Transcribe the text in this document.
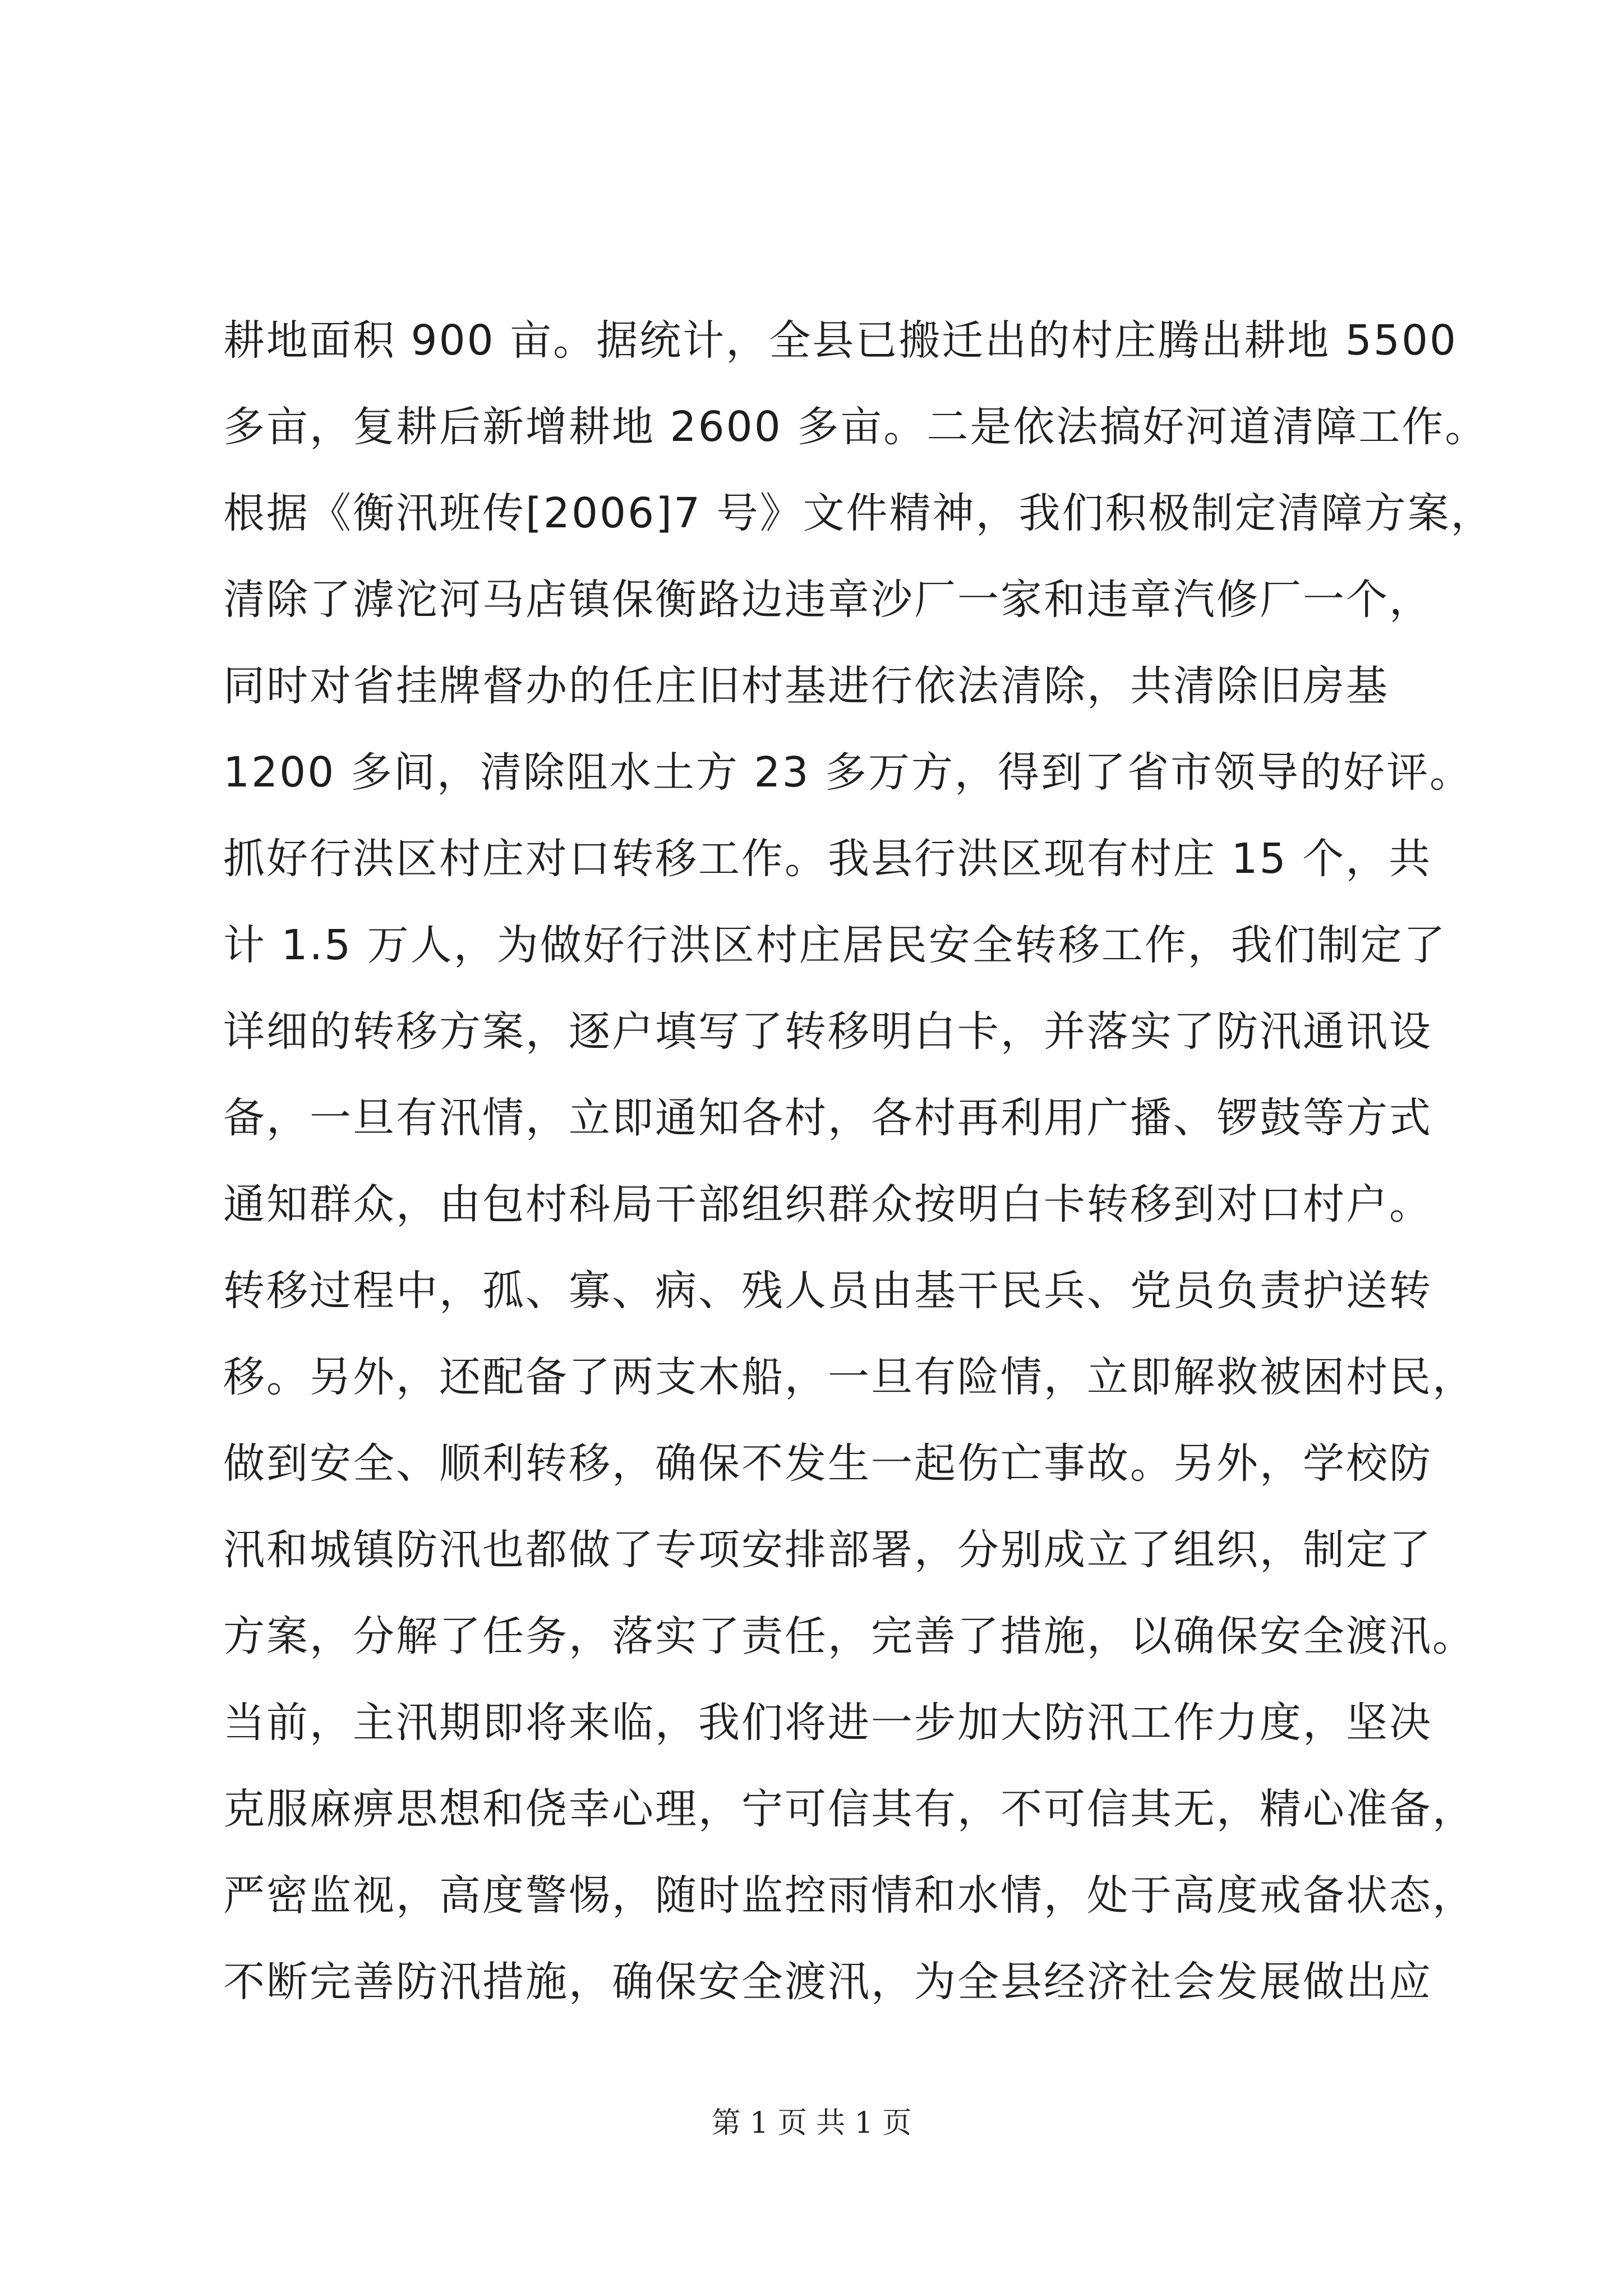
耕地面积 900 亩。据统计，全县已搬迁出的村庄腾出耕地 5500
多亩，复耕后新增耕地 2600 多亩。二是依法搞好河道清障工作。
根据《衡汛班传[2006]7 号》文件精神，我们积极制定清障方案，
清除了滹沱河马店镇保衡路边违章沙厂一家和违章汽修厂一个，
同时对省挂牌督办的任庄旧村基进行依法清除，共清除旧房基
1200 多间，清除阻水土方 23 多万方，得到了省市领导的好评。
抓好行洪区村庄对口转移工作。我县行洪区现有村庄 15 个，共
计 1.5 万人，为做好行洪区村庄居民安全转移工作，我们制定了
详细的转移方案，逐户填写了转移明白卡，并落实了防汛通讯设
备，一旦有汛情，立即通知各村，各村再利用广播、锣鼓等方式
通知群众，由包村科局干部组织群众按明白卡转移到对口村户。
转移过程中，孤、寡、病、残人员由基干民兵、党员负责护送转
移。另外，还配备了两支木船，一旦有险情，立即解救被困村民，
做到安全、顺利转移，确保不发生一起伤亡事故。另外，学校防
汛和城镇防汛也都做了专项安排部署，分别成立了组织，制定了
方案，分解了任务，落实了责任，完善了措施，以确保安全渡汛。
当前，主汛期即将来临，我们将进一步加大防汛工作力度，坚决
克服麻痹思想和侥幸心理，宁可信其有，不可信其无，精心准备，
严密监视，高度警惕，随时监控雨情和水情，处于高度戒备状态，
不断完善防汛措施，确保安全渡汛，为全县经济社会发展做出应
第 1 页 共 1 页
